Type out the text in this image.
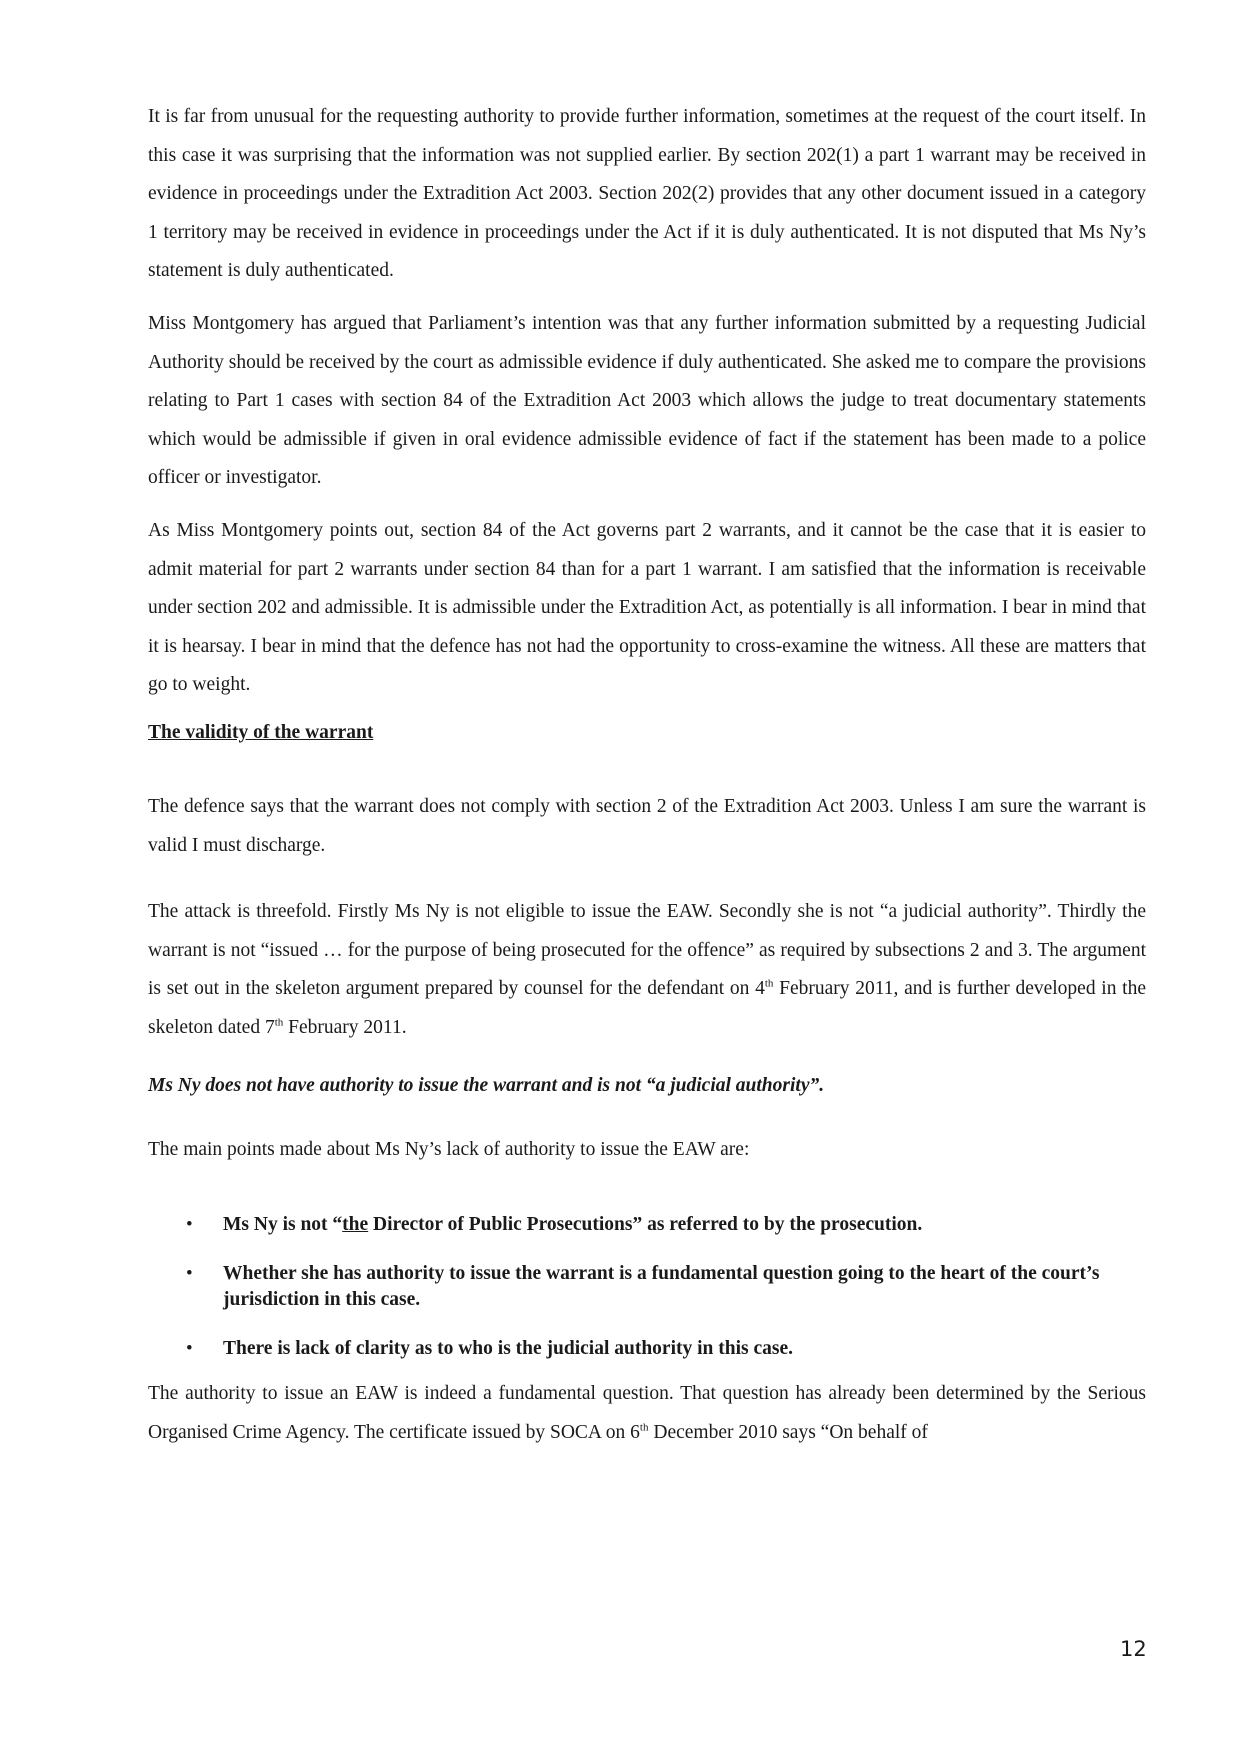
It is far from unusual for the requesting authority to provide further information, sometimes at the request of the court itself. In this case it was surprising that the information was not supplied earlier. By section 202(1) a part 1 warrant may be received in evidence in proceedings under the Extradition Act 2003. Section 202(2) provides that any other document issued in a category 1 territory may be received in evidence in proceedings under the Act if it is duly authenticated. It is not disputed that Ms Ny’s statement is duly authenticated.

Miss Montgomery has argued that Parliament’s intention was that any further information submitted by a requesting Judicial Authority should be received by the court as admissible evidence if duly authenticated. She asked me to compare the provisions relating to Part 1 cases with section 84 of the Extradition Act 2003 which allows the judge to treat documentary statements which would be admissible if given in oral evidence admissible evidence of fact if the statement has been made to a police officer or investigator.

As Miss Montgomery points out, section 84 of the Act governs part 2 warrants, and it cannot be the case that it is easier to admit material for part 2 warrants under section 84 than for a part 1 warrant. I am satisfied that the information is receivable under section 202 and admissible. It is admissible under the Extradition Act, as potentially is all information. I bear in mind that it is hearsay. I bear in mind that the defence has not had the opportunity to cross-examine the witness. All these are matters that go to weight.

The validity of the warrant

The defence says that the warrant does not comply with section 2 of the Extradition Act 2003. Unless I am sure the warrant is valid I must discharge.

The attack is threefold. Firstly Ms Ny is not eligible to issue the EAW. Secondly she is not “a judicial authority”. Thirdly the warrant is not “issued … for the purpose of being prosecuted for the offence” as required by subsections 2 and 3. The argument is set out in the skeleton argument prepared by counsel for the defendant on 4th February 2011, and is further developed in the skeleton dated 7th February 2011.

Ms Ny does not have authority to issue the warrant and is not “a judicial authority”.

The main points made about Ms Ny’s lack of authority to issue the EAW are:

• Ms Ny is not “the Director of Public Prosecutions” as referred to by the prosecution.
• Whether she has authority to issue the warrant is a fundamental question going to the heart of the court’s jurisdiction in this case.
• There is lack of clarity as to who is the judicial authority in this case.

The authority to issue an EAW is indeed a fundamental question. That question has already been determined by the Serious Organised Crime Agency. The certificate issued by SOCA on 6th December 2010 says “On behalf of

12
